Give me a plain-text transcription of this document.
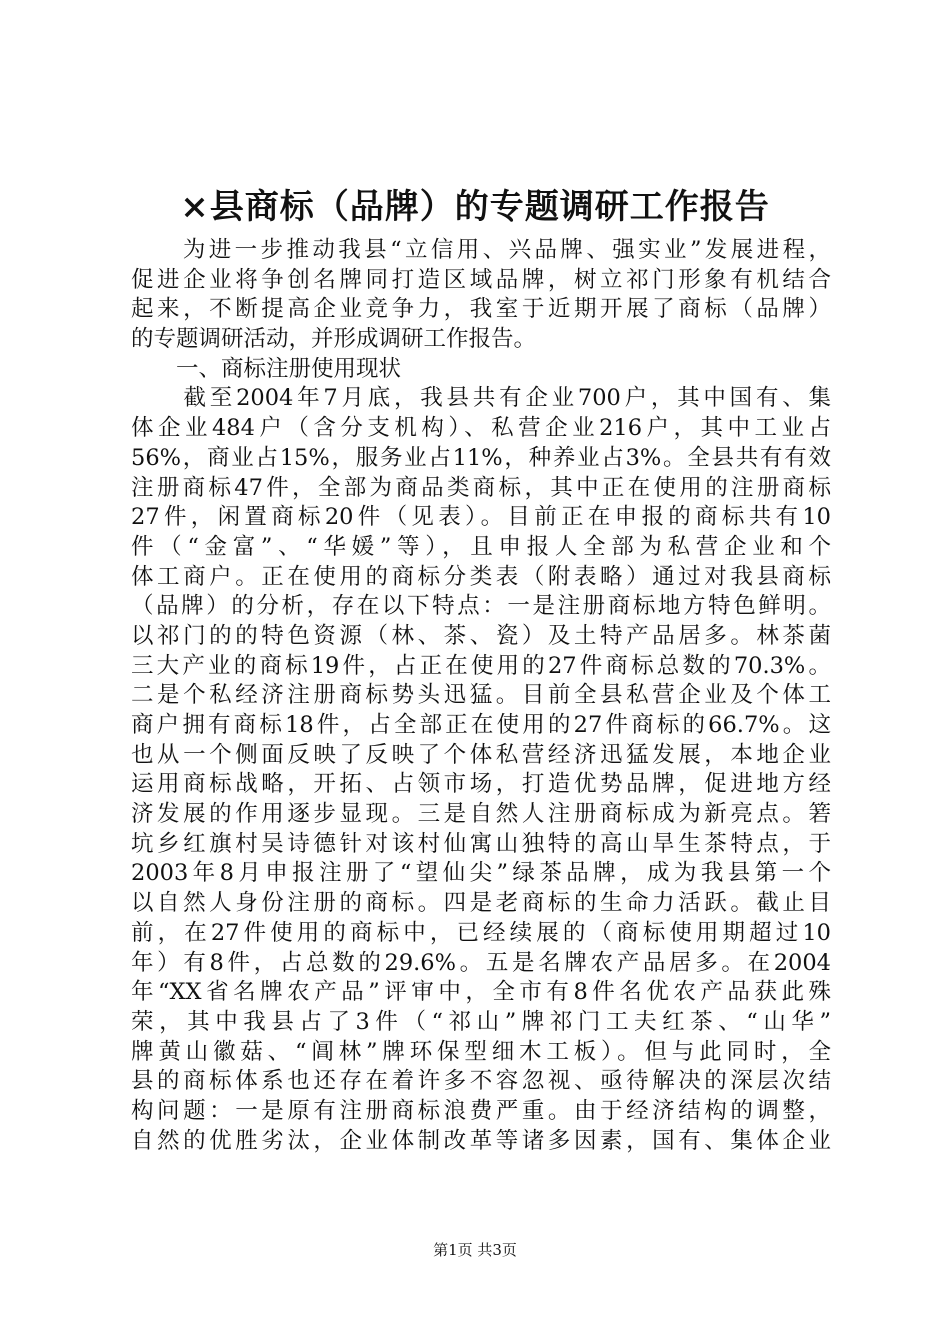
×县商标（品牌）的专题调研工作报告
　　为进一步推动我县“立信用、兴品牌、强实业”发展进程，
促进企业将争创名牌同打造区域品牌，树立祁门形象有机结合
起来，不断提高企业竞争力，我室于近期开展了商标（品牌）
的专题调研活动，并形成调研工作报告。
　　一、商标注册使用现状
　　截至2004年7月底，我县共有企业700户，其中国有、集
体企业484户（含分支机构）、私营企业216户，其中工业占
56%，商业占15%，服务业占11%，种养业占3%。全县共有有效
注册商标47件，全部为商品类商标，其中正在使用的注册商标
27件，闲置商标20件（见表）。目前正在申报的商标共有10
件（“金富”、“华媛”等），且申报人全部为私营企业和个
体工商户。正在使用的商标分类表（附表略）通过对我县商标
（品牌）的分析，存在以下特点：一是注册商标地方特色鲜明。
以祁门的的特色资源（林、茶、瓷）及土特产品居多。林茶菌
三大产业的商标19件，占正在使用的27件商标总数的70.3%。
二是个私经济注册商标势头迅猛。目前全县私营企业及个体工
商户拥有商标18件，占全部正在使用的27件商标的66.7%。这
也从一个侧面反映了反映了个体私营经济迅猛发展，本地企业
运用商标战略，开拓、占领市场，打造优势品牌，促进地方经
济发展的作用逐步显现。三是自然人注册商标成为新亮点。箬
坑乡红旗村吴诗德针对该村仙寓山独特的高山旱生茶特点，于
2003年8月申报注册了“望仙尖”绿茶品牌，成为我县第一个
以自然人身份注册的商标。四是老商标的生命力活跃。截止目
前，在27件使用的商标中，已经续展的（商标使用期超过10
年）有8件，占总数的29.6%。五是名牌农产品居多。在2004
年“XX省名牌农产品”评审中，全市有8件名优农产品获此殊
荣，其中我县占了3件（“祁山”牌祁门工夫红茶、“山华”
牌黄山徽菇、“阊林”牌环保型细木工板）。但与此同时，全
县的商标体系也还存在着许多不容忽视、亟待解决的深层次结
构问题：一是原有注册商标浪费严重。由于经济结构的调整，
自然的优胜劣汰，企业体制改革等诸多因素，国有、集体企业
第1页 共3页
